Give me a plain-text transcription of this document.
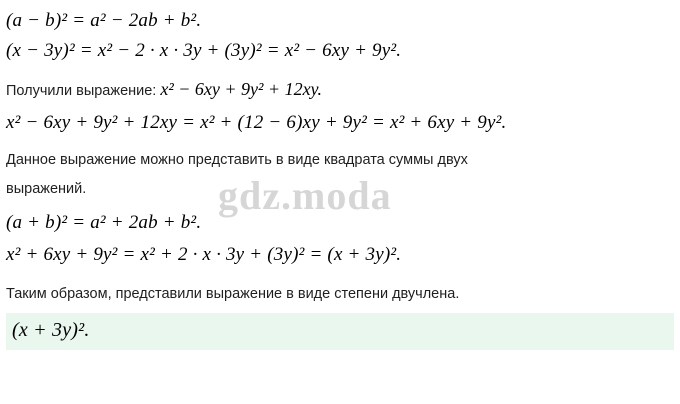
(a − b)² = a² − 2ab + b².
(x − 3y)² = x² − 2 · x · 3y + (3y)² = x² − 6xy + 9y².
Получили выражение: x² − 6xy + 9y² + 12xy.
x² − 6xy + 9y² + 12xy = x² + (12 − 6)xy + 9y² = x² + 6xy + 9y².
Данное выражение можно представить в виде квадрата суммы двух
выражений.
(a + b)² = a² + 2ab + b².
x² + 6xy + 9y² = x² + 2 · x · 3y + (3y)² = (x + 3y)².
Таким образом, представили выражение в виде степени двучлена.
(x + 3y)².
gdz.moda
